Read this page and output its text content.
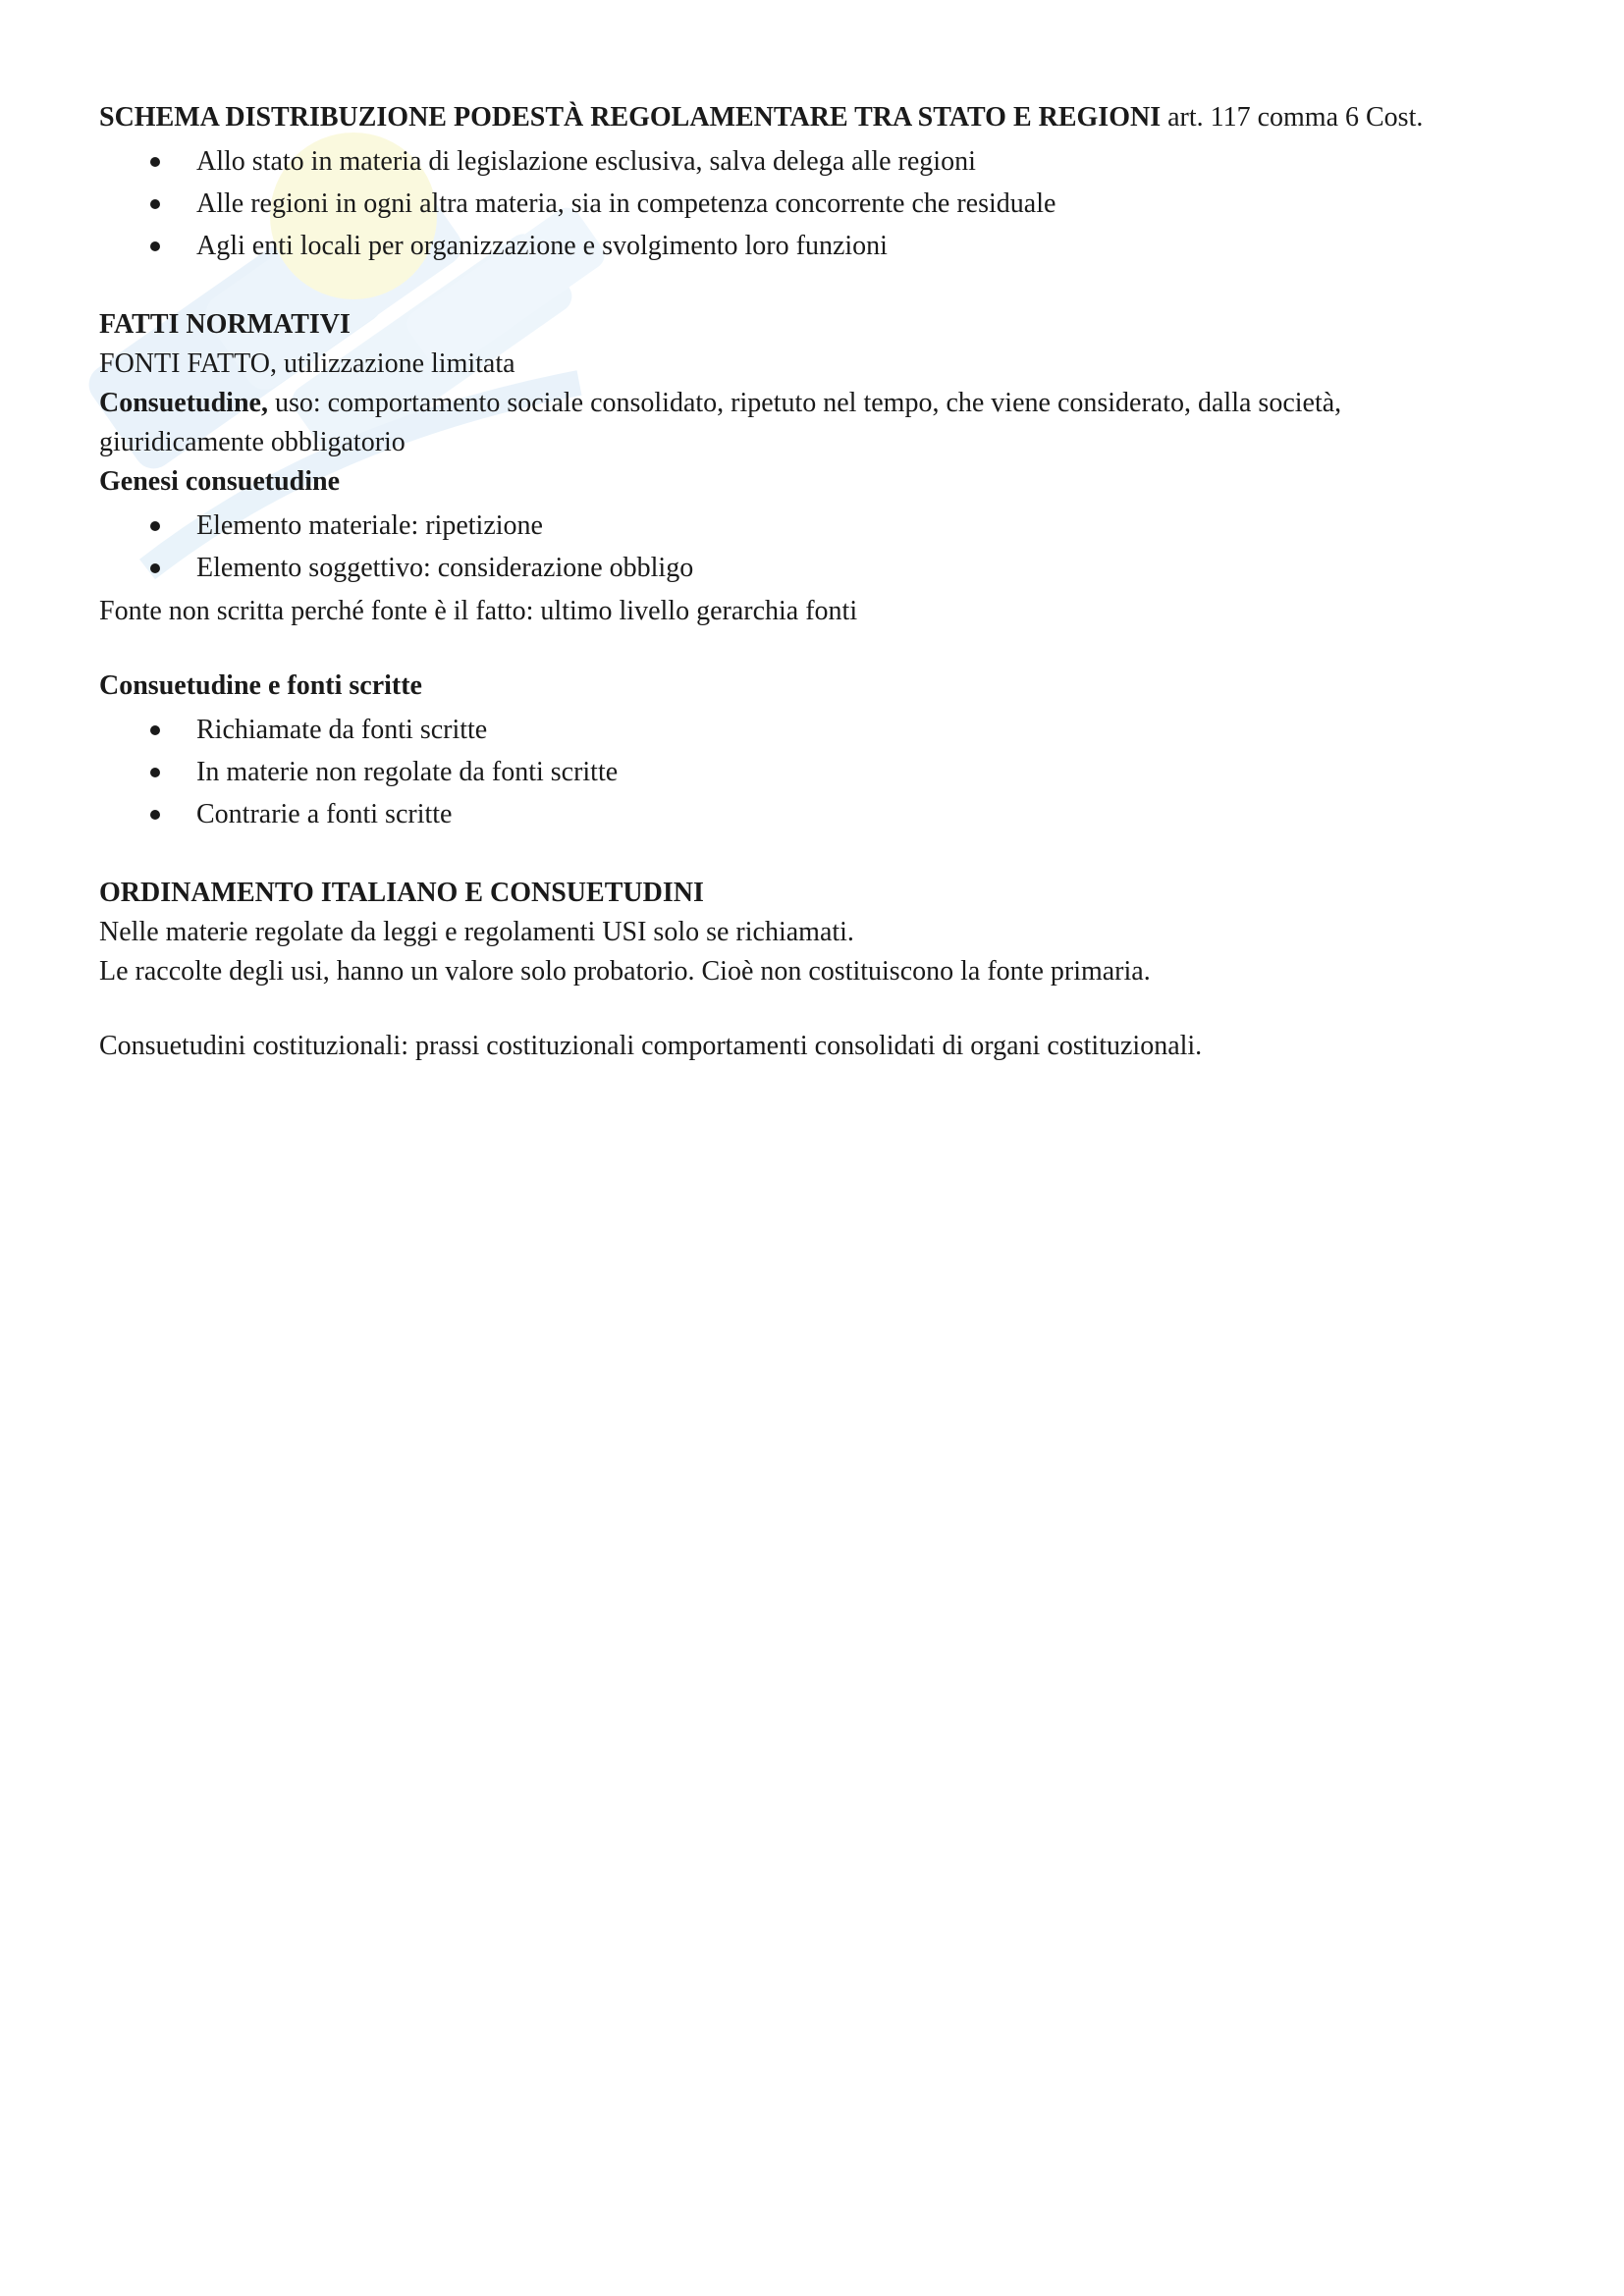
SCHEMA DISTRIBUZIONE PODESTÀ REGOLAMENTARE TRA STATO E REGIONI art. 117 comma 6 Cost.

Allo stato in materia di legislazione esclusiva, salva delega alle regioni
Alle regioni in ogni altra materia, sia in competenza concorrente che residuale
Agli enti locali per organizzazione e svolgimento loro funzioni

FATTI NORMATIVI

FONTI FATTO, utilizzazione limitata

Consuetudine, uso: comportamento sociale consolidato, ripetuto nel tempo, che viene considerato, dalla società, giuridicamente obbligatorio

Genesi consuetudine

Elemento materiale: ripetizione
Elemento soggettivo: considerazione obbligo

Fonte non scritta perché fonte è il fatto: ultimo livello gerarchia fonti

Consuetudine e fonti scritte

Richiamate da fonti scritte
In materie non regolate da fonti scritte
Contrarie a fonti scritte

ORDINAMENTO ITALIANO E CONSUETUDINI

Nelle materie regolate da leggi e regolamenti USI solo se richiamati.

Le raccolte degli usi, hanno un valore solo probatorio. Cioè non costituiscono la fonte primaria.

Consuetudini costituzionali: prassi costituzionali comportamenti consolidati di organi costituzionali.
